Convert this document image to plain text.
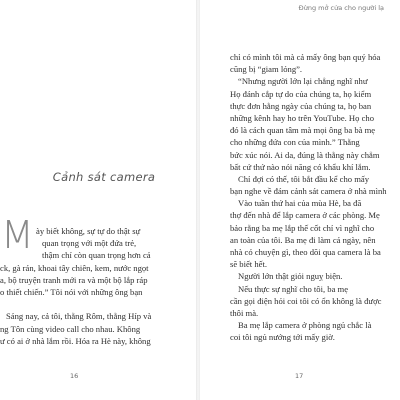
Cảnh sát camera
M ày biết không, sự tự do thật sự
quan trọng với một đứa trẻ,
thậm chí còn quan trọng hơn cả
ck, gà rán, khoai tây chiên, kem, nước ngọt
a, bộ truyện tranh mới ra và một bộ lắp ráp
o thiết chiến.” Tôi nói với những ông bạn
Sáng nay, cả tôi, thằng Rôm, thằng Híp và
ng Tôn cùng video call cho nhau. Không
ư có ai ở nhà lắm rồi. Hóa ra Hè này, không
16
Đừng mở cửa cho người lạ
chỉ có mình tôi mà cả mấy ông bạn quý hóa
cũng bị “giam lỏng”.
“Nhưng người lớn lại chẳng nghĩ như
Họ đánh cắp tự do của chúng ta, họ kiểm
thực đơn hằng ngày của chúng ta, họ ban
những kênh hay ho trên YouTube. Họ cho
đó là cách quan tâm mà mọi ông ba bà mẹ
cho những đứa con của mình.” Thằng
bức xúc nói. Ai da, đúng là thằng này chẳm
bất cứ thứ nào nói năng có khẩu khí lắm.
Chỉ đợi có thế, tôi bắt đầu kể cho mấy
bạn nghe về đám cảnh sát camera ở nhà mình
Vào tuần thứ hai của mùa Hè, ba đã
thợ đến nhà để lắp camera ở các phòng. Mẹ
bảo rằng ba mẹ lắp thế cốt chỉ vì nghĩ cho
an toàn của tôi. Ba mẹ đi làm cả ngày, nên
nhà có chuyện gì, theo dõi qua camera là ba
sẽ biết hết.
Người lớn thật giỏi nguỵ biện.
Nếu thực sự nghĩ cho tôi, ba mẹ
cần gọi điện hỏi coi tôi có ổn không là được
thôi mà.
Ba mẹ lắp camera ở phòng ngủ chắc là
coi tôi ngủ nướng tới mấy giờ.
17
